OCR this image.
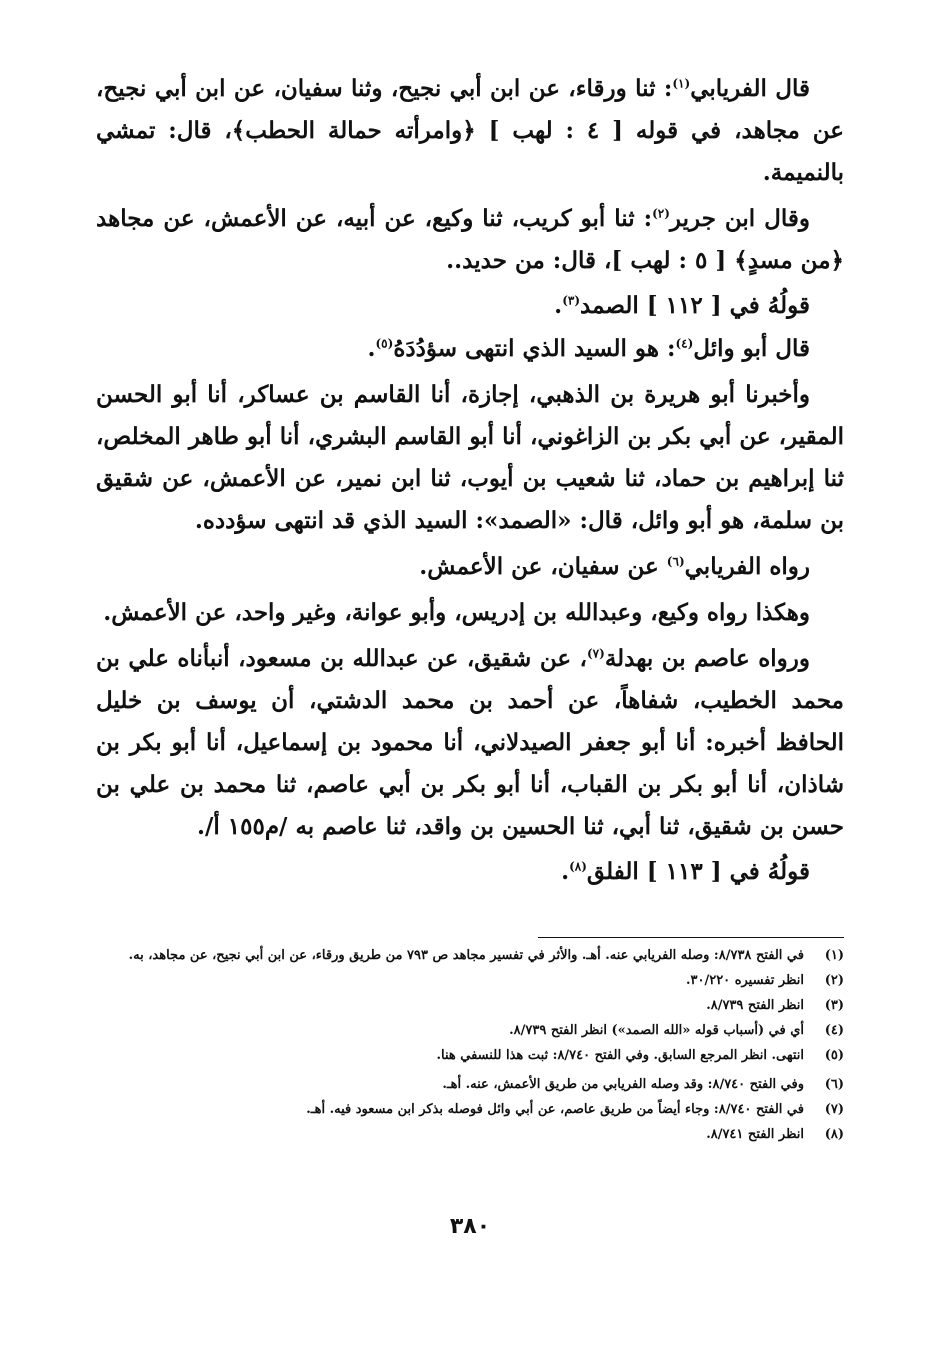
قال الفريابي$^{(١)}$: ثنا ورقاء، عن ابن أبي نجيح، وثنا سفيان، عن ابن أبي نجيح، عن مجاهد، في قوله [ ٤ : لهب ] ﴿وامرأته حمالة الحطب﴾، قال: تمشي بالنميمة.

وقال ابن جرير$^{(٢)}$: ثنا أبو كريب، ثنا وكيع، عن أبيه، عن الأعمش، عن مجاهد ﴿من مسدٍ﴾ [ ٥ : لهب ]، قال: من حديد..

قولُهُ في [ ١١٢ ] الصمد$^{(٣)}$.

قال أبو وائل$^{(٤)}$: هو السيد الذي انتهى سؤدُدَهُ$^{(٥)}$.

وأخبرنا أبو هريرة بن الذهبي، إجازة، أنا القاسم بن عساكر، أنا أبو الحسن المقير، عن أبي بكر بن الزاغوني، أنا أبو القاسم البشري، أنا أبو طاهر المخلص، ثنا إبراهيم بن حماد، ثنا شعيب بن أيوب، ثنا ابن نمير، عن الأعمش، عن شقيق بن سلمة، هو أبو وائل، قال: «الصمد»: السيد الذي قد انتهى سؤدده.

رواه الفريابي$^{(٦)}$ عن سفيان، عن الأعمش.

وهكذا رواه وكيع، وعبدالله بن إدريس، وأبو عوانة، وغير واحد، عن الأعمش.

ورواه عاصم بن بهدلة$^{(٧)}$، عن شقيق، عن عبدالله بن مسعود، أنبأناه علي بن محمد الخطيب، شفاهاً، عن أحمد بن محمد الدشتي، أن يوسف بن خليل الحافظ أخبره: أنا أبو جعفر الصيدلاني، أنا محمود بن إسماعيل، أنا أبو بكر بن شاذان، أنا أبو بكر بن القباب، أنا أبو بكر بن أبي عاصم، ثنا محمد بن علي بن حسن بن شقيق، ثنا أبي، ثنا الحسين بن واقد، ثنا عاصم به /م١٥٥ أ/.

قولُهُ في [ ١١٣ ] الفلق$^{(٨)}$.

(١)
في الفتح ٨/٧٣٨: وصله الفريابي عنه. أهـ. والأثر في تفسير مجاهد ص ٧٩٣ من طريق ورقاء، عن ابن أبي نجيح، عن مجاهد، به.
(٢)
انظر تفسيره ٣٠/٢٢٠.
(٣)
انظر الفتح ٨/٧٣٩.
(٤)
أي في (أسباب قوله «الله الصمد») انظر الفتح ٨/٧٣٩.
(٥)
انتهى. انظر المرجع السابق. وفي الفتح ٨/٧٤٠: ثبت هذا للنسفي هنا.
(٦)
وفي الفتح ٨/٧٤٠: وقد وصله الفريابي من طريق الأعمش، عنه. أهـ.
(٧)
في الفتح ٨/٧٤٠: وجاء أيضاً من طريق عاصم، عن أبي وائل فوصله بذكر ابن مسعود فيه. أهـ.
(٨)
انظر الفتح ٨/٧٤١.
٣٨٠
